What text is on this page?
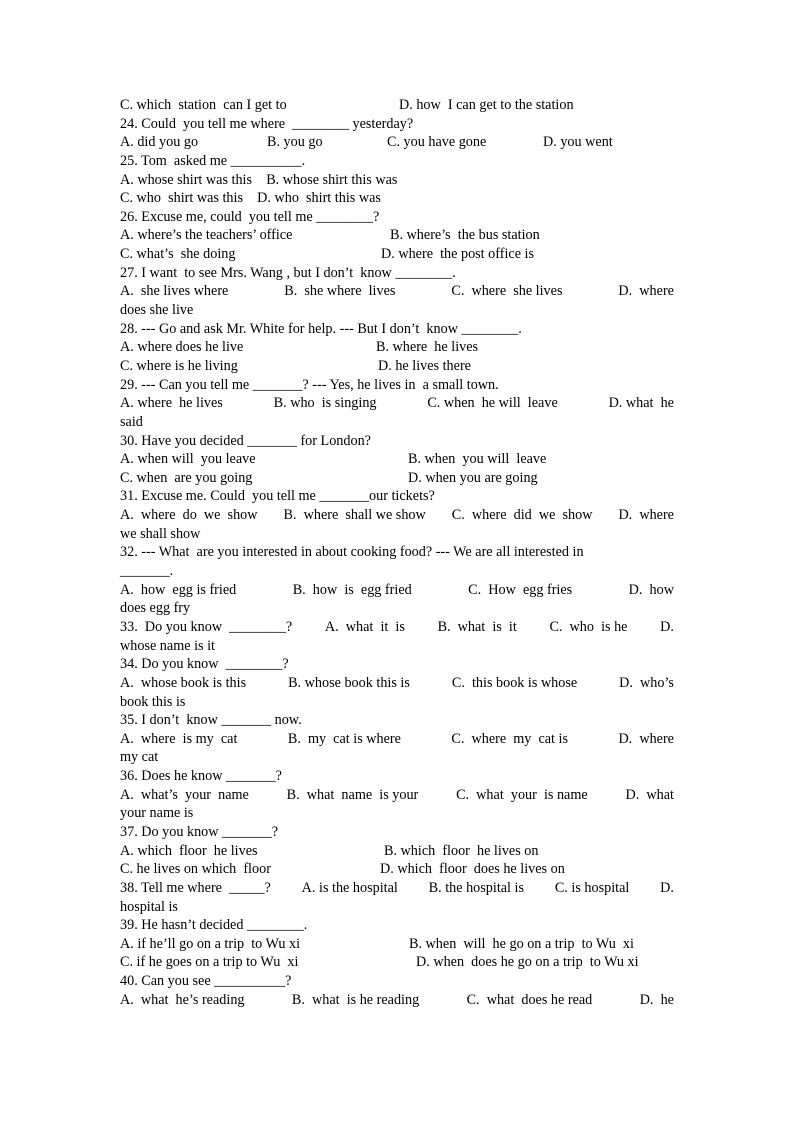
C. which  station  can I get to	D. how  I can get to the station
24. Could  you tell me where  ________ yesterday?
A. did you go	B. you go	C. you have gone	D. you went
25. Tom  asked me __________.
A. whose shirt was this    B. whose shirt this was
C. who  shirt was this    D. who  shirt this was
26. Excuse me, could  you tell me ________?
A. where’s the teachers’ office	B. where’s  the bus station
C. what’s  she doing	D. where  the post office is
27. I want  to see Mrs. Wang , but I don’t  know ________.
A.  she lives where	B.  she where  lives	C.  where  she lives	D.  where
does she live
28. --- Go and ask Mr. White for help. --- But I don’t  know ________.
A. where does he live	B. where  he lives
C. where is he living	D. he lives there
29. --- Can you tell me _______? --- Yes, he lives in  a small town.
A. where  he lives	B. who  is singing	C. when  he will  leave	D. what  he
said
30. Have you decided _______ for London?
A. when will  you leave	B. when  you will  leave
C. when  are you going	D. when you are going
31. Excuse me. Could  you tell me _______our tickets?
A.  where  do  we  show B.  where  shall we show C.  where  did  we  show D.  where
we shall show
32. --- What  are you interested in about cooking food? --- We are all interested in
_______.
A.  how  egg is fried	B.  how  is  egg fried	C.  How  egg fries	D.  how
does egg fry
33.  Do you know  ________? A.  what  it  is B.  what  is  it C.  who  is he D.
whose name is it
34. Do you know  ________?
A.  whose book is this	B. whose book this is	C.  this book is whose	D.  who’s
book this is
35. I don’t  know _______ now.
A.  where  is my  cat	B.  my  cat is where	C.  where  my  cat is	D.  where
my cat
36. Does he know _______?
A.  what’s  your  name	B.  what  name  is your	C.  what  your  is name	D.  what
your name is
37. Do you know _______?
A. which  floor  he lives	B. which  floor  he lives on
C. he lives on which  floor	D. which  floor  does he lives on
38. Tell me where  _____? A. is the hospital B. the hospital is C. is hospital D.
hospital is
39. He hasn’t decided ________.
A. if he’ll go on a trip  to Wu xi	B. when  will  he go on a trip  to Wu  xi
C. if he goes on a trip to Wu  xi	D. when  does he go on a trip  to Wu xi
40. Can you see __________?
A.  what  he’s reading	B.  what  is he reading	C.  what  does he read	D.  he
